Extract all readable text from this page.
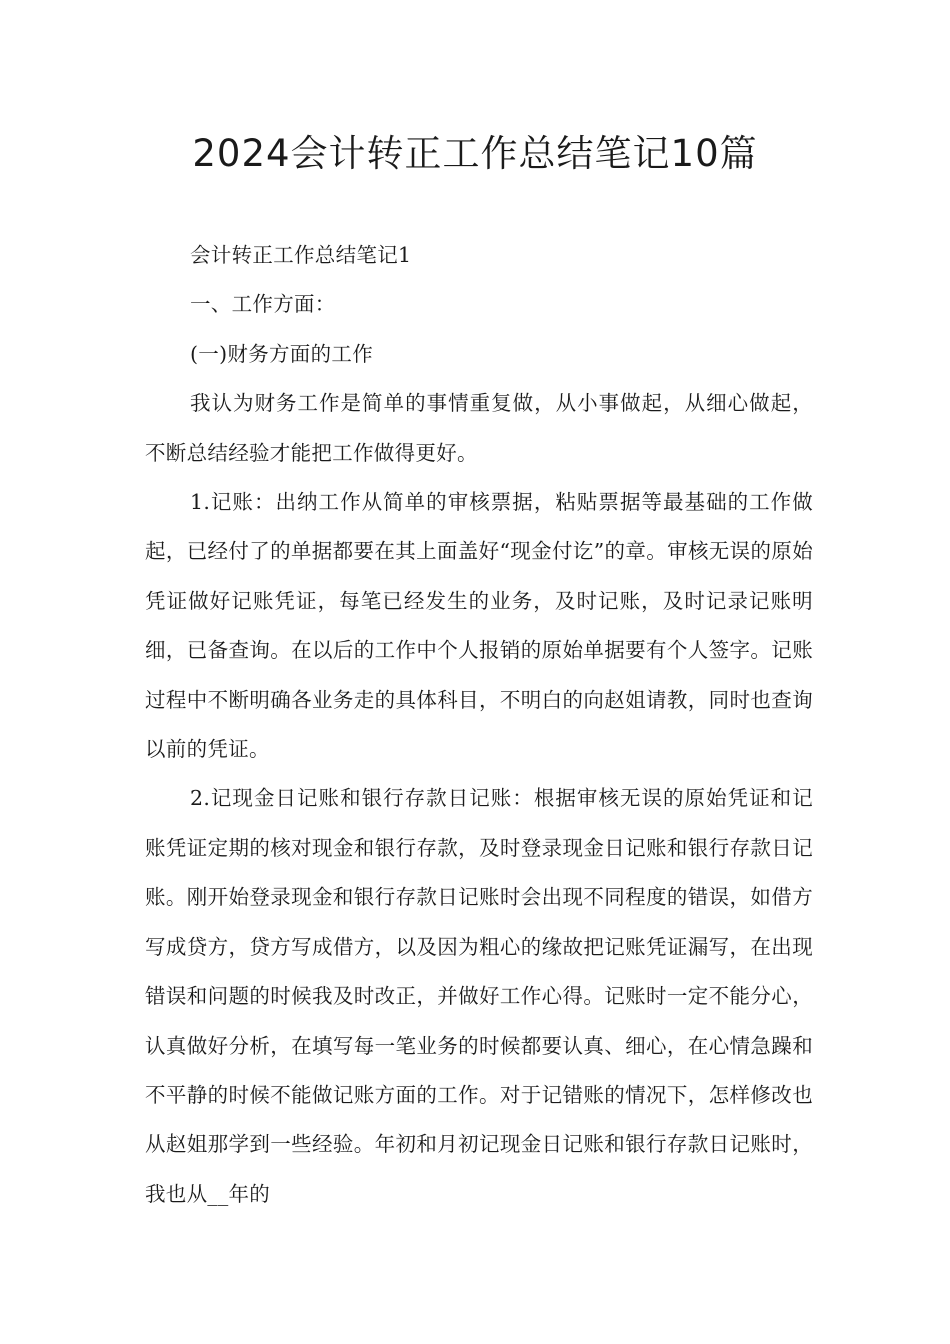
2024会计转正工作总结笔记10篇

会计转正工作总结笔记1

一、工作方面：

(一)财务方面的工作

我认为财务工作是简单的事情重复做，从小事做起，从细心做起，不断总结经验才能把工作做得更好。

1.记账：出纳工作从简单的审核票据，粘贴票据等最基础的工作做起，已经付了的单据都要在其上面盖好“现金付讫”的章。审核无误的原始凭证做好记账凭证，每笔已经发生的业务，及时记账，及时记录记账明细，已备查询。在以后的工作中个人报销的原始单据要有个人签字。记账过程中不断明确各业务走的具体科目，不明白的向赵姐请教，同时也查询以前的凭证。

2.记现金日记账和银行存款日记账：根据审核无误的原始凭证和记账凭证定期的核对现金和银行存款，及时登录现金日记账和银行存款日记账。刚开始登录现金和银行存款日记账时会出现不同程度的错误，如借方写成贷方，贷方写成借方，以及因为粗心的缘故把记账凭证漏写，在出现错误和问题的时候我及时改正，并做好工作心得。记账时一定不能分心，认真做好分析，在填写每一笔业务的时候都要认真、细心，在心情急躁和不平静的时候不能做记账方面的工作。对于记错账的情况下，怎样修改也从赵姐那学到一些经验。年初和月初记现金日记账和银行存款日记账时，我也从__年的
